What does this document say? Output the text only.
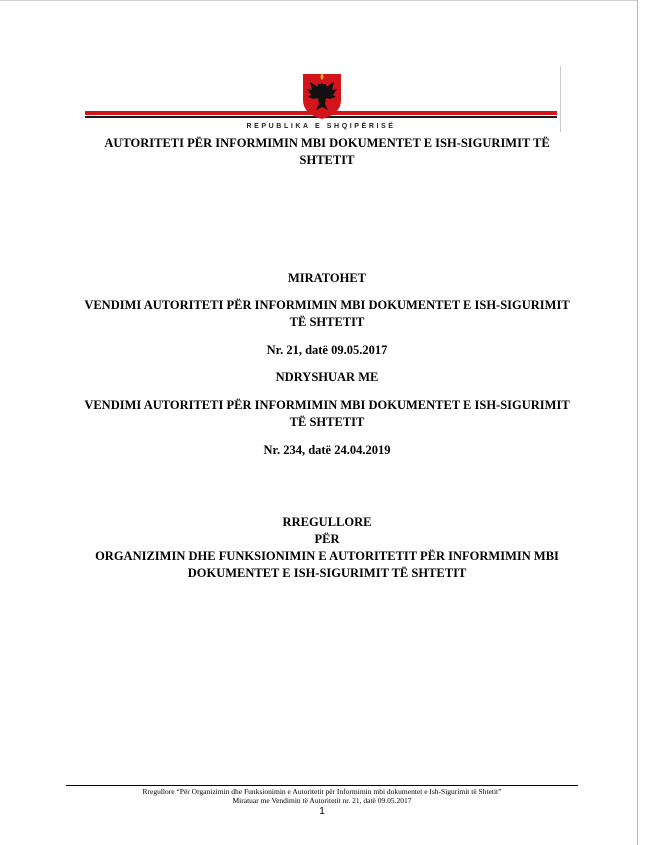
REPUBLIKA E SHQIPËRISË
AUTORITETI PËR INFORMIMIN MBI DOKUMENTET E ISH-SIGURIMIT TË
SHTETIT
MIRATOHET
VENDIMI AUTORITETI PËR INFORMIMIN MBI DOKUMENTET E ISH-SIGURIMIT
TË SHTETIT
Nr. 21, datë 09.05.2017
NDRYSHUAR ME
VENDIMI AUTORITETI PËR INFORMIMIN MBI DOKUMENTET E ISH-SIGURIMIT
TË SHTETIT
Nr. 234, datë 24.04.2019
RREGULLORE
PËR
ORGANIZIMIN DHE FUNKSIONIMIN E AUTORITETIT PËR INFORMIMIN MBI
DOKUMENTET E ISH-SIGURIMIT TË SHTETIT
Rregullore “Për Organizimin dhe Funksionimin e Autoritetit për Informimin mbi dokumentet e Ish-Sigurimit të Shtetit”
Miratuar me Vendimin të Autoritetit nr. 21, datë 09.05.2017
1
